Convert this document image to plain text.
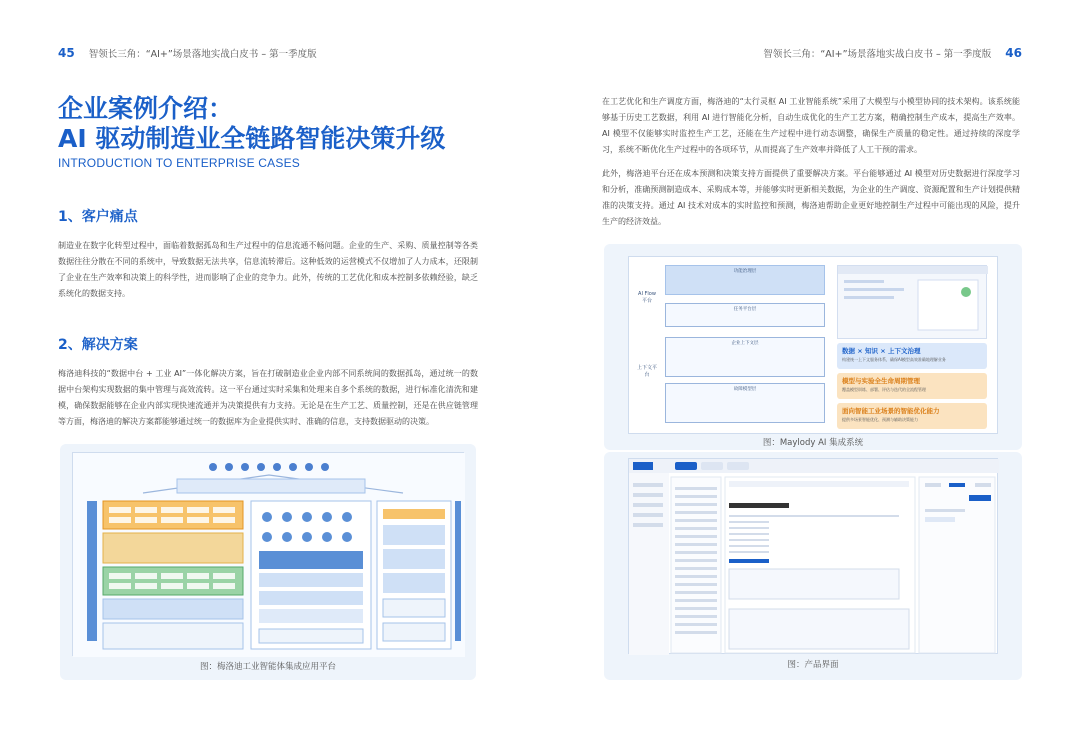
45 智领长三角：“AI+”场景落地实战白皮书 – 第一季度版
企业案例介绍：
AI 驱动制造业全链路智能决策升级
INTRODUCTION TO ENTERPRISE CASES
1、客户痛点
制造业在数字化转型过程中，面临着数据孤岛和生产过程中的信息流通不畅问题。企业的生产、采购、质量控制等各类数据往往分散在不同的系统中，导致数据无法共享，信息流转滞后。这种低效的运营模式不仅增加了人力成本，还限制了企业在生产效率和决策上的科学性，进而影响了企业的竞争力。此外，传统的工艺优化和成本控制多依赖经验，缺乏系统化的数据支持。
2、解决方案
梅洛迪科技的“数据中台 + 工业 AI”一体化解决方案，旨在打破制造业企业内部不同系统间的数据孤岛，通过统一的数据中台架构实现数据的集中管理与高效流转。这一平台通过实时采集和处理来自多个系统的数据，进行标准化清洗和建模，确保数据能够在企业内部实现快速流通并为决策提供有力支持。无论是在生产工艺、质量控制，还是在供应链管理等方面，梅洛迪的解决方案都能够通过统一的数据库为企业提供实时、准确的信息，支持数据驱动的决策。
图：梅洛迪工业智能体集成应用平台
智领长三角：“AI+”场景落地实战白皮书 – 第一季度版 46
在工艺优化和生产调度方面，梅洛迪的“太行灵枢 AI 工业智能系统”采用了大模型与小模型协同的技术架构。该系统能够基于历史工艺数据，利用 AI 进行智能化分析，自动生成优化的生产工艺方案，精确控制生产成本，提高生产效率。AI 模型不仅能够实时监控生产工艺，还能在生产过程中进行动态调整，确保生产质量的稳定性。通过持续的深度学习，系统不断优化生产过程中的各项环节，从而提高了生产效率并降低了人工干预的需求。
此外，梅洛迪平台还在成本预测和决策支持方面提供了重要解决方案。平台能够通过 AI 模型对历史数据进行深度学习和分析，准确预测制造成本、采购成本等，并能够实时更新相关数据，为企业的生产调度、资源配置和生产计划提供精准的决策支持。通过 AI 技术对成本的实时监控和预测，梅洛迪帮助企业更好地控制生产过程中可能出现的风险，提升生产的经济效益。
AI Flow 平台
上下文平台
功能治理层
任务平台层
企业上下文层
故障模型层
数据 × 知识 × 上下文治理
构建统一上下文服务体系，确保AI模型高效准确地理解业务
模型与实验全生命周期管理
覆盖模型训练、部署、评估与迭代的全流程管理
面向智能工业场景的智能优化能力
提供多场景智能优化、预测与辅助决策能力
图：Maylody AI 集成系统
图：产品界面
